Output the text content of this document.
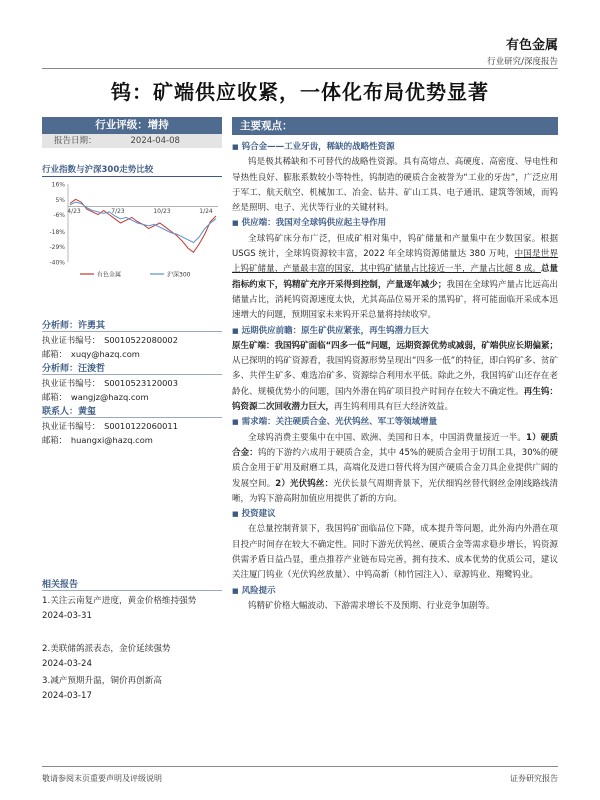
有色金属
行业研究/深度报告
钨：矿端供应收紧，一体化布局优势显著
行业评级：增持
报告日期：	2024-04-08
行业指数与沪深300走势比较
16%
5%
-6%
-18%
-29%
-40%
4/23	7/23	10/23	1/24
有色金属	沪深300
分析师：许勇其
执业证书编号： S0010522080002
邮箱： xuqy@hazq.com
分析师：汪浚哲
执业证书编号： S0010523120003
邮箱： wangjz@hazq.com
联系人：黄玺
执业证书编号： S0010122060011
邮箱： huangxi@hazq.com
相关报告
1.关注云南复产进度，黄金价格维持强势
2024-03-31
2.美联储鸽派表态，金价延续强势
2024-03-24
3.减产预期升温，铜价再创新高
2024-03-17
主要观点：
■ 钨合金——工业牙齿，稀缺的战略性资源
钨是极其稀缺和不可替代的战略性资源。具有高熔点、高硬度、高密度、导电性和导热性良好、膨胀系数较小等特性，钨制造的硬质合金被誉为“工业的牙齿”，广泛应用于军工、航天航空、机械加工、冶金、钻井、矿山工具、电子通讯、建筑等领域，而钨丝是照明、电子、光伏等行业的关键材料。
■ 供应端：我国对全球钨供应起主导作用
全球钨矿床分布广泛，但成矿相对集中，钨矿储量和产量集中在少数国家。根据 USGS 统计，全球钨资源较丰富，2022 年全球钨资源储量达 380 万吨，中国是世界上钨矿储量、产量最丰富的国家，其中钨矿储量占比接近一半，产量占比超 8 成。总量指标约束下，钨精矿充序开采得到控制，产量逐年减少；我国在全球钨产量占比远高出储量占比，消耗钨资源速度太快，尤其高品位易开采的黑钨矿，将可能面临开采成本迅速增大的问题，预期国家未来钨开采总量将持续收窄。
■ 远期供应前瞻：原生矿供应紧张，再生钨潜力巨大
原生矿端：我国钨矿面临“四多一低”问题，远期资源优势或减弱，矿端供应长期偏紧；从已探明的钨矿资源看，我国钨资源形势呈现出“四多一低”的特征，即白钨矿多、贫矿多、共伴生矿多、难选冶矿多、资源综合利用水平低。除此之外，我国钨矿山还存在老龄化、规模优势小的问题，国内外潜在钨矿项目投产时间存在较大不确定性。再生钨：钨资源二次回收潜力巨大，再生钨利用具有巨大经济效益。
■ 需求端：关注硬质合金、光伏钨丝、军工等领域增量
全球钨消费主要集中在中国、欧洲、美国和日本，中国消费量接近一半。1）硬质合金：钨的下游约六成用于硬质合金，其中 45%的硬质合金用于切削工具，30%的硬质合金用于矿用及耐磨工具，高端化及进口替代将为国产硬质合金刀具企业提供广阔的发展空间。2）光伏钨丝：光伏长景气周期背景下，光伏细钨丝替代钢丝金刚线路线清晰，为钨下游高附加值应用提供了新的方向。
■ 投资建议
在总量控制背景下，我国钨矿面临品位下降，成本提升等问题，此外海内外潜在项目投产时间存在较大不确定性。同时下游光伏钨丝、硬质合金等需求稳步增长，钨资源供需矛盾日益凸显，重点推荐产业链布局完善，拥有技术、成本优势的优质公司，建议关注厦门钨业（光伏钨丝放量）、中钨高新（柿竹园注入）、章源钨业、翔鹭钨业。
■ 风险提示
钨精矿价格大幅波动、下游需求增长不及预期、行业竞争加剧等。
敬请参阅末页重要声明及评级说明	证券研究报告
